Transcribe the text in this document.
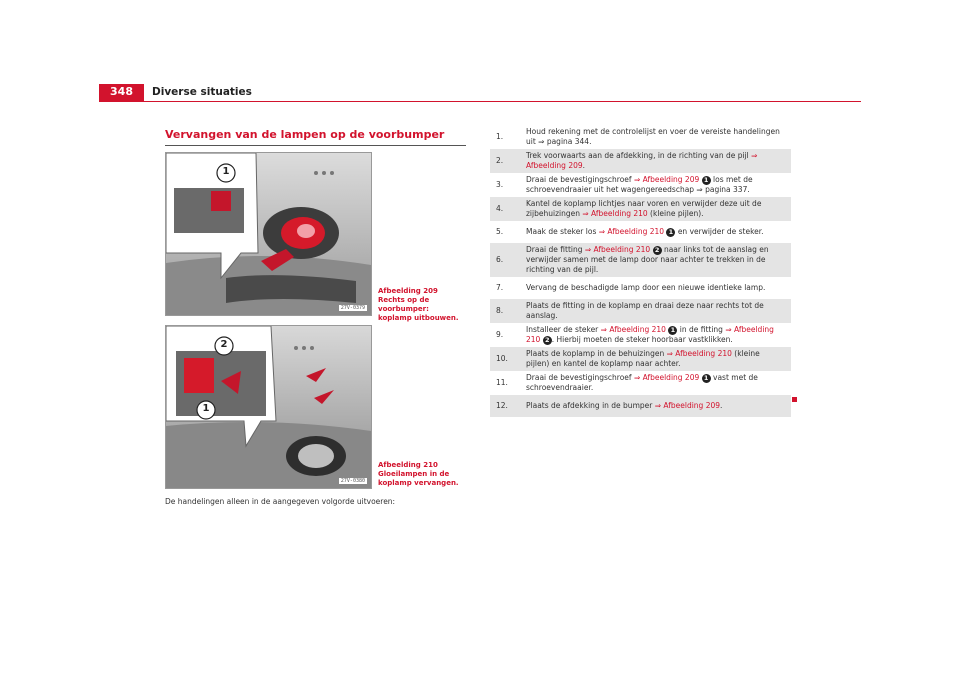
348	Diverse situaties
Vervangen van de lampen op de voorbumper
27V-0379
1
Afbeelding 209 Rechts op de voorbumper: koplamp uitbouwen.
27V-0380
2
1
Afbeelding 210 Gloeilampen in de koplamp vervangen.
De handelingen alleen in de aangegeven volgorde uitvoeren:
1.
Houd rekening met de controlelijst en voer de vereiste handelingen uit ⇒ pagina 344.
2.
Trek voorwaarts aan de afdekking, in de richting van de pijl ⇒ Afbeelding 209.
3.
Draai de bevestigingschroef ⇒ Afbeelding 209 1 los met de schroevendraaier uit het wagengereedschap ⇒ pagina 337.
4.
Kantel de koplamp lichtjes naar voren en verwijder deze uit de zijbehuizingen ⇒ Afbeelding 210 (kleine pijlen).
5.	Maak de steker los ⇒ Afbeelding 210 1 en verwijder de steker.
6.
Draai de fitting ⇒ Afbeelding 210 2 naar links tot de aanslag en verwijder samen met de lamp door naar achter te trekken in de richting van de pijl.
7.	Vervang de beschadigde lamp door een nieuwe identieke lamp.
8.
Plaats de fitting in de koplamp en draai deze naar rechts tot de aanslag.
9.
Installeer de steker ⇒ Afbeelding 210 1 in de fitting ⇒ Afbeelding 210 2 . Hierbij moeten de steker hoorbaar vastklikken.
10.
Plaats de koplamp in de behuizingen ⇒ Afbeelding 210 (kleine pijlen) en kantel de koplamp naar achter.
11.
Draai de bevestigingschroef ⇒ Afbeelding 209 1 vast met de schroevendraaier.
12.	Plaats de afdekking in de bumper ⇒ Afbeelding 209.
